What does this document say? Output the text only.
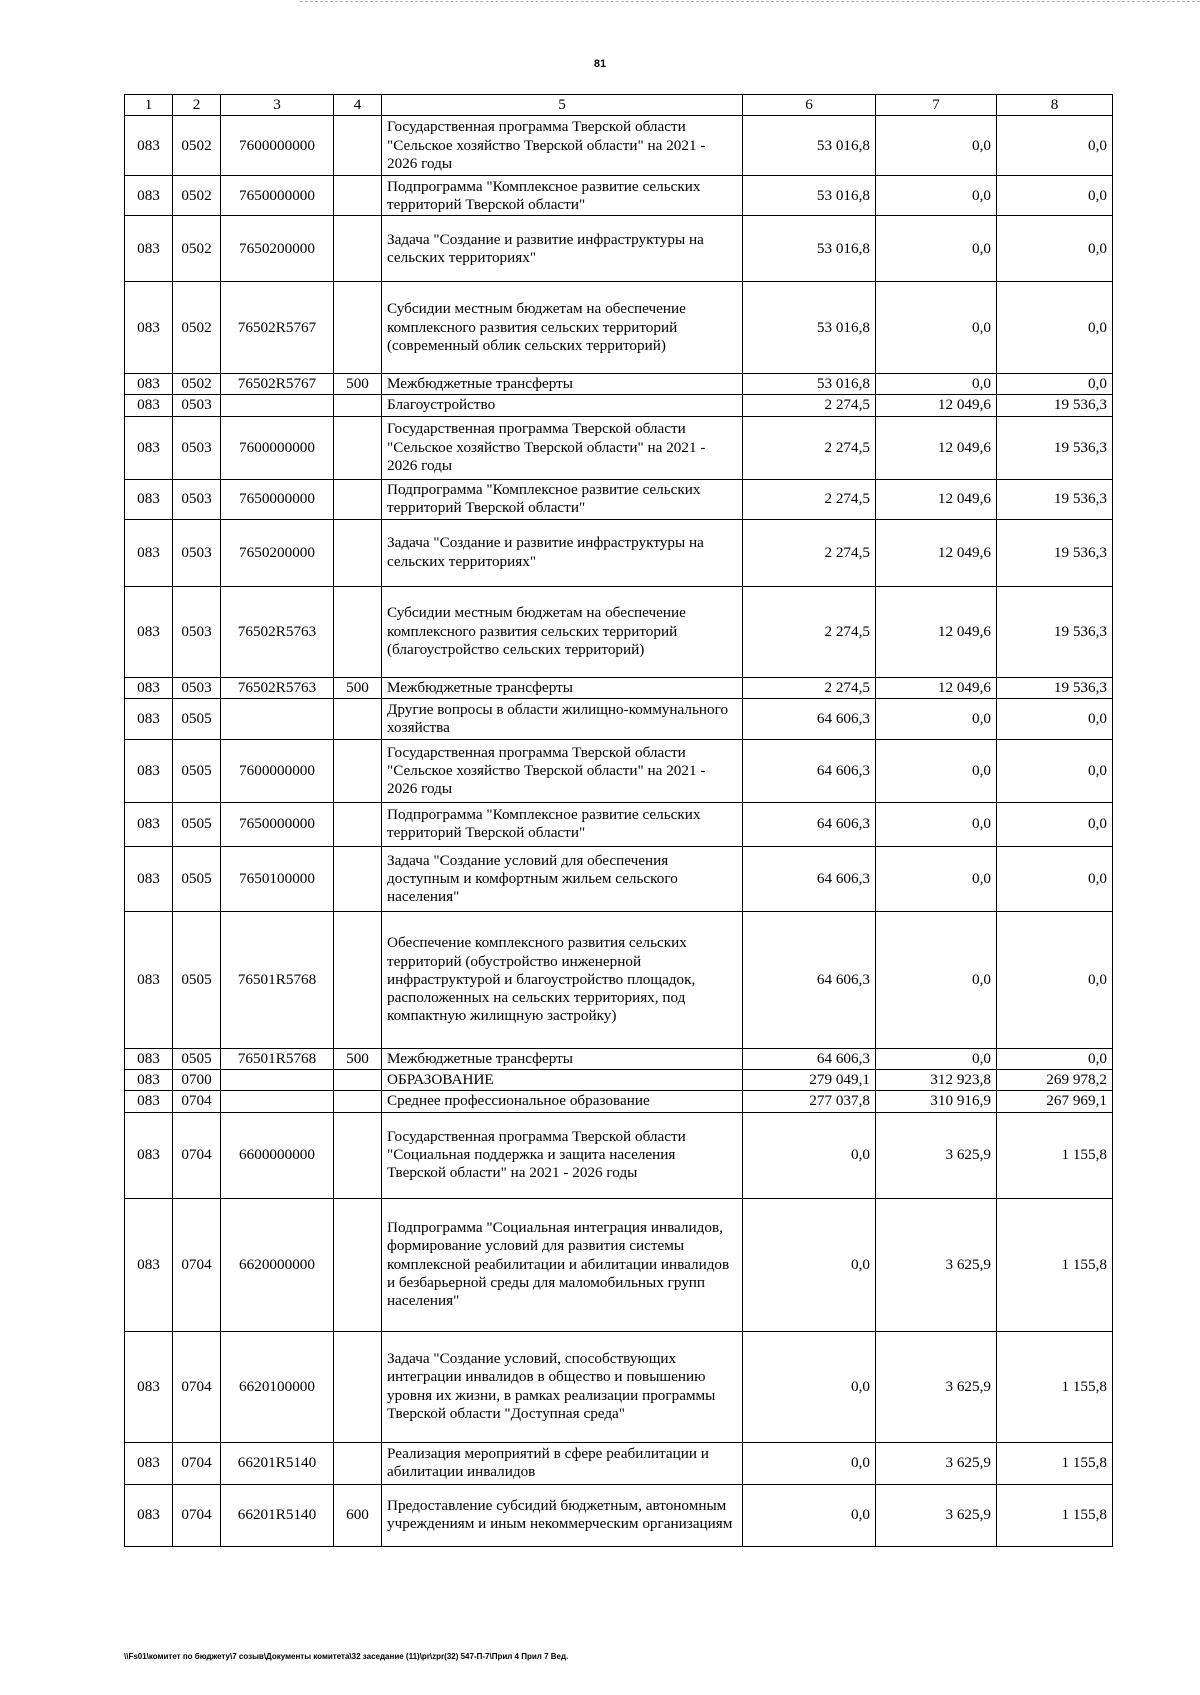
81
1	2	3	4	5	6	7	8
083	0502	7600000000		Государственная программа Тверской области "Сельское хозяйство Тверской области" на 2021 - 2026 годы	53 016,8	0,0	0,0
083	0502	7650000000		Подпрограмма "Комплексное развитие сельских территорий Тверской области"	53 016,8	0,0	0,0
083	0502	7650200000		Задача "Создание и развитие инфраструктуры на сельских территориях"	53 016,8	0,0	0,0
083	0502	76502R5767		Субсидии местным бюджетам на обеспечение комплексного развития сельских территорий (современный облик сельских территорий)	53 016,8	0,0	0,0
083	0502	76502R5767	500	Межбюджетные трансферты	53 016,8	0,0	0,0
083	0503			Благоустройство	2 274,5	12 049,6	19 536,3
083	0503	7600000000		Государственная программа Тверской области "Сельское хозяйство Тверской области" на 2021 - 2026 годы	2 274,5	12 049,6	19 536,3
083	0503	7650000000		Подпрограмма "Комплексное развитие сельских территорий Тверской области"	2 274,5	12 049,6	19 536,3
083	0503	7650200000		Задача "Создание и развитие инфраструктуры на сельских территориях"	2 274,5	12 049,6	19 536,3
083	0503	76502R5763		Субсидии местным бюджетам на обеспечение комплексного развития сельских территорий (благоустройство сельских территорий)	2 274,5	12 049,6	19 536,3
083	0503	76502R5763	500	Межбюджетные трансферты	2 274,5	12 049,6	19 536,3
083	0505			Другие вопросы в области жилищно-коммунального хозяйства	64 606,3	0,0	0,0
083	0505	7600000000		Государственная программа Тверской области "Сельское хозяйство Тверской области" на 2021 - 2026 годы	64 606,3	0,0	0,0
083	0505	7650000000		Подпрограмма "Комплексное развитие сельских территорий Тверской области"	64 606,3	0,0	0,0
083	0505	7650100000		Задача "Создание условий для обеспечения доступным и комфортным жильем сельского населения"	64 606,3	0,0	0,0
083	0505	76501R5768		Обеспечение комплексного развития сельских территорий (обустройство инженерной инфраструктурой и благоустройство площадок, расположенных на сельских территориях, под компактную жилищную застройку)	64 606,3	0,0	0,0
083	0505	76501R5768	500	Межбюджетные трансферты	64 606,3	0,0	0,0
083	0700			ОБРАЗОВАНИЕ	279 049,1	312 923,8	269 978,2
083	0704			Среднее профессиональное образование	277 037,8	310 916,9	267 969,1
083	0704	6600000000		Государственная программа Тверской области "Социальная поддержка и защита населения Тверской области" на 2021 - 2026 годы	0,0	3 625,9	1 155,8
083	0704	6620000000		Подпрограмма "Социальная интеграция инвалидов, формирование условий для развития системы комплексной реабилитации и абилитации инвалидов и безбарьерной среды для маломобильных групп населения"	0,0	3 625,9	1 155,8
083	0704	6620100000		Задача "Создание условий, способствующих интеграции инвалидов в общество и повышению уровня их жизни, в рамках реализации программы Тверской области "Доступная среда"	0,0	3 625,9	1 155,8
083	0704	66201R5140		Реализация мероприятий в сфере реабилитации и абилитации инвалидов	0,0	3 625,9	1 155,8
083	0704	66201R5140	600	Предоставление субсидий бюджетным, автономным учреждениям и иным некоммерческим организациям	0,0	3 625,9	1 155,8
\\Fs01\комитет по бюджету\7 созыв\Документы комитета\32 заседание (11)\pr\zpr(32) 547-П-7\Прил 4 Прил 7 Вед.
